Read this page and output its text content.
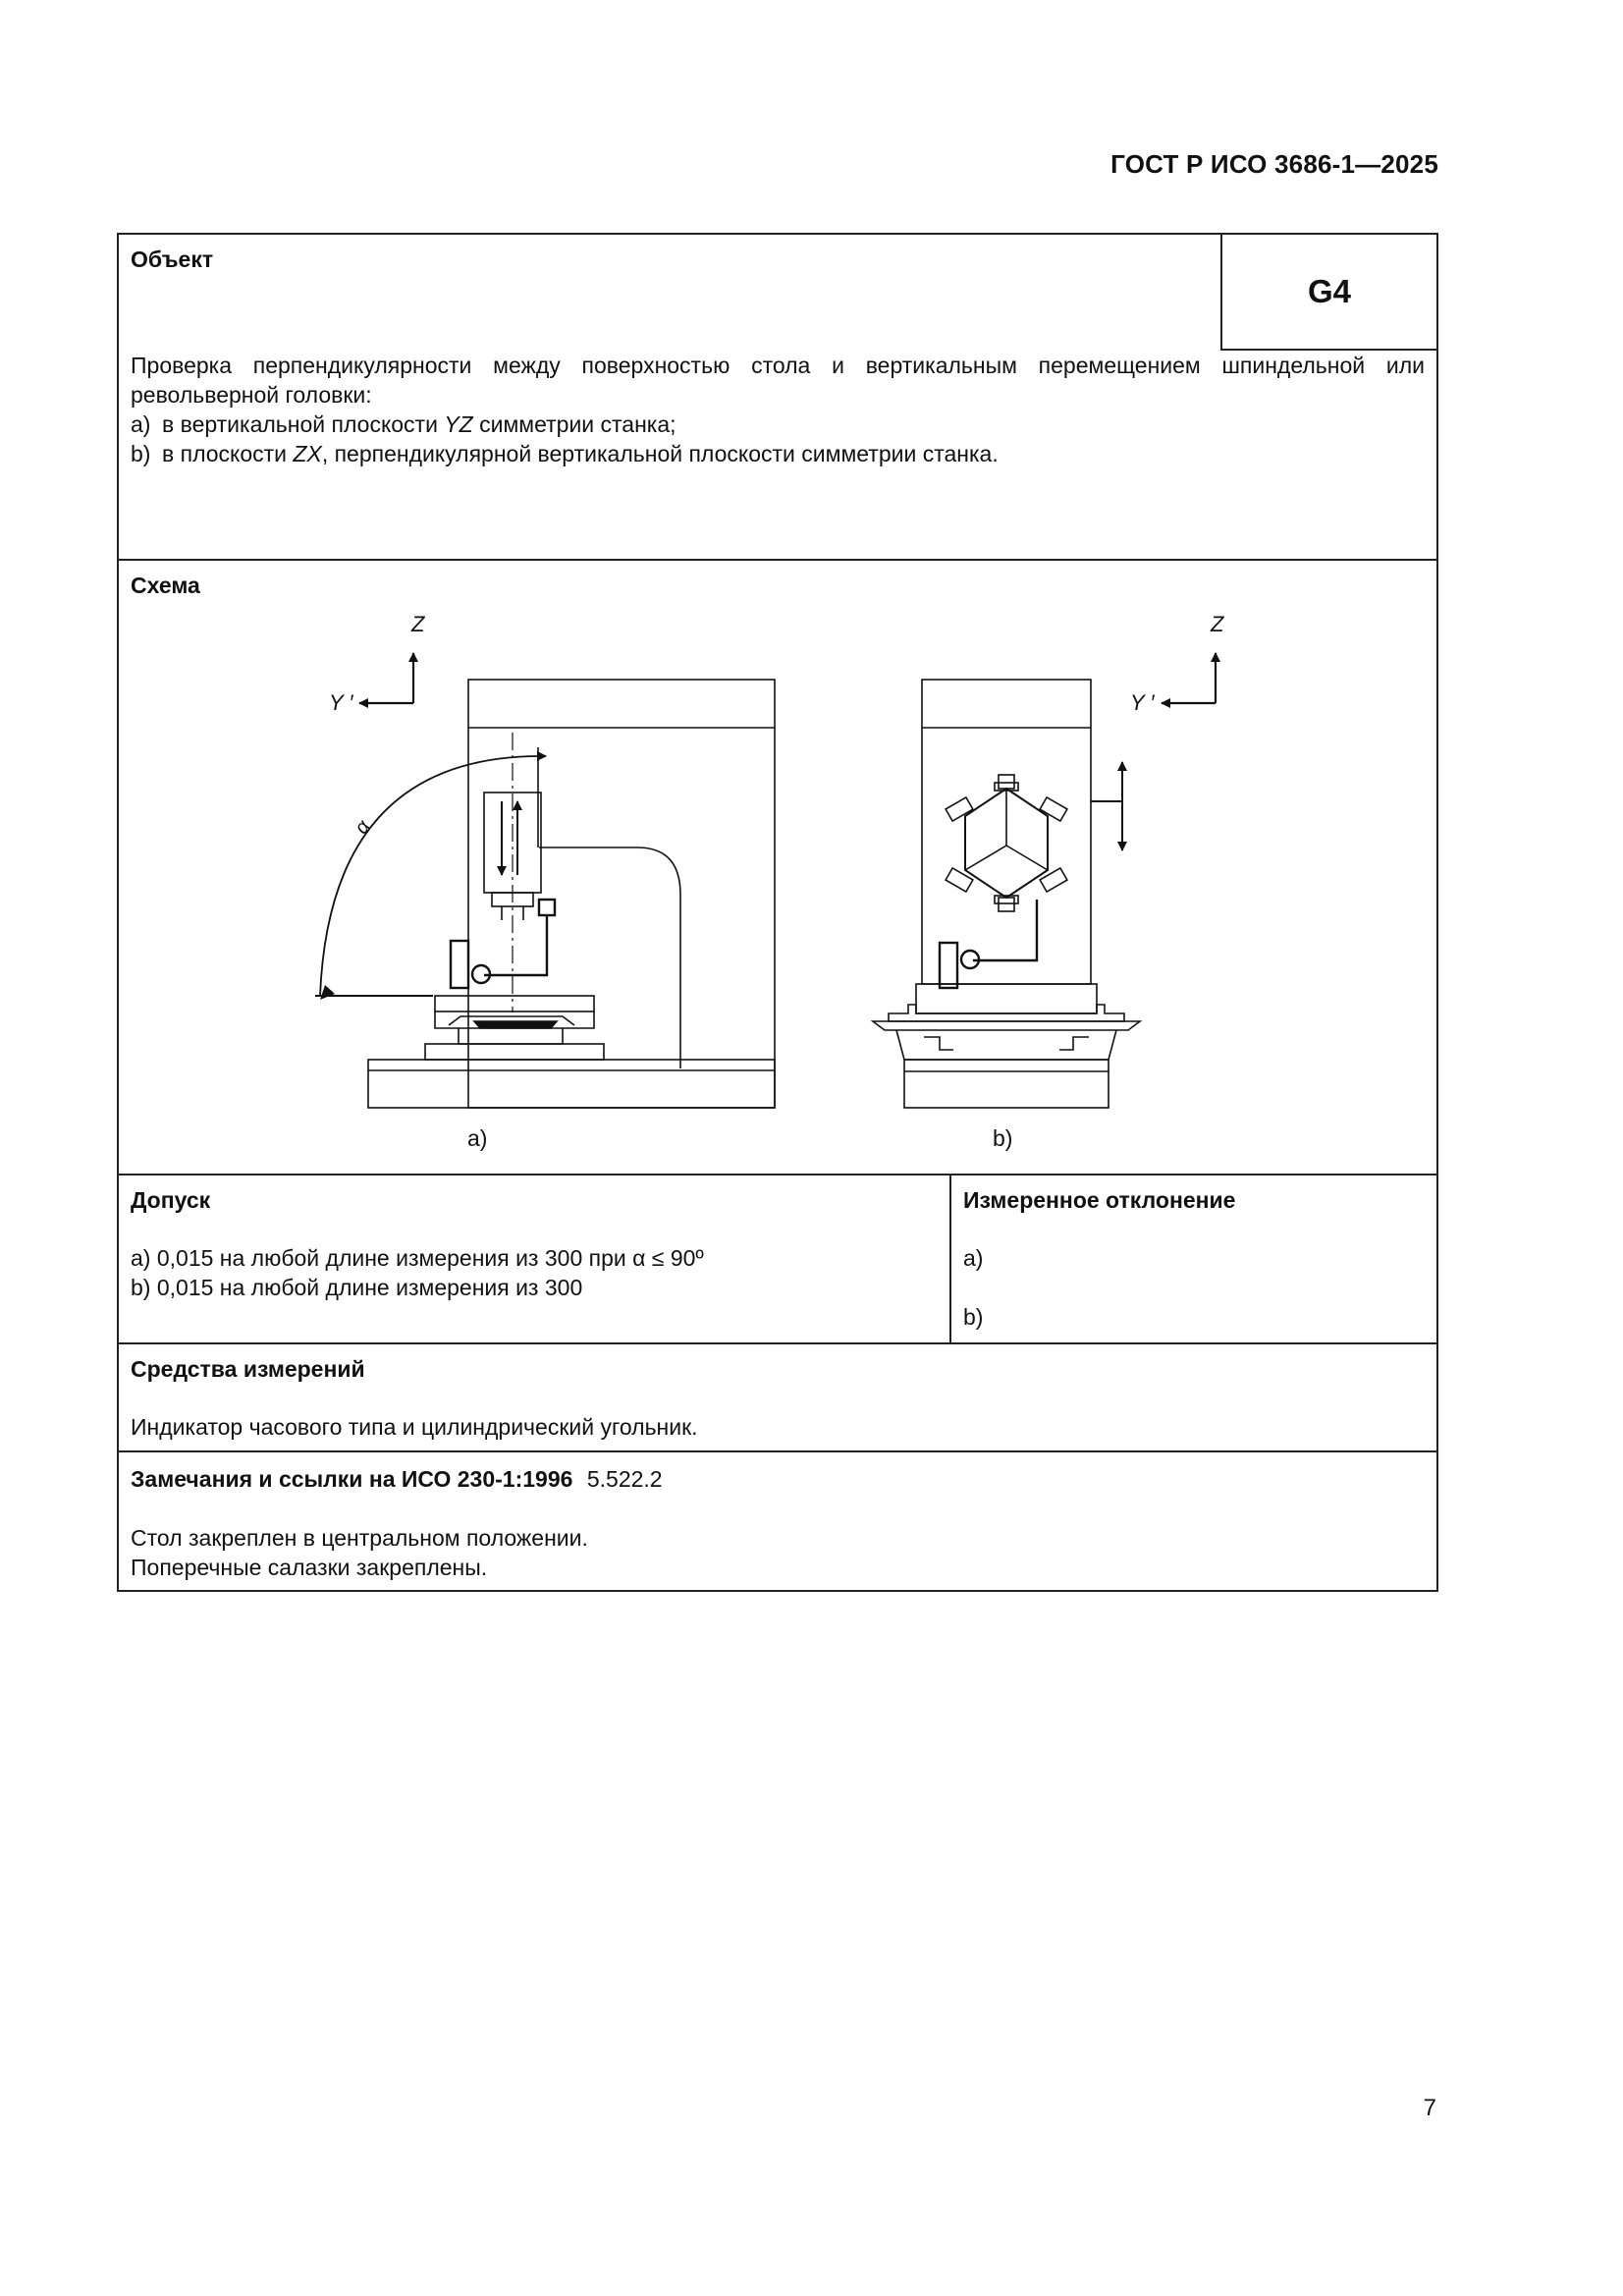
ГОСТ Р ИСО 3686-1—2025
Объект
G4

Проверка перпендикулярности между поверхностью стола и вертикальным перемещением шпиндельной или револьверной головки:

a) в вертикальной плоскости YZ симметрии станка;
b) в плоскости ZX, перпендикулярной вертикальной плоскости симметрии станка.
Схема
Z
Y ′
α
a)
Z
Y ′
b)
Допуск
a) 0,015 на любой длине измерения из 300 при α ≤ 90º
b) 0,015 на любой длине измерения из 300
Измеренное отклонение
a)
b)
Средства измерений
Индикатор часового типа и цилиндрический угольник.
Замечания и ссылки на ИСО 230-1:1996 5.522.2
Стол закреплен в центральном положении.
Поперечные салазки закреплены.
7
